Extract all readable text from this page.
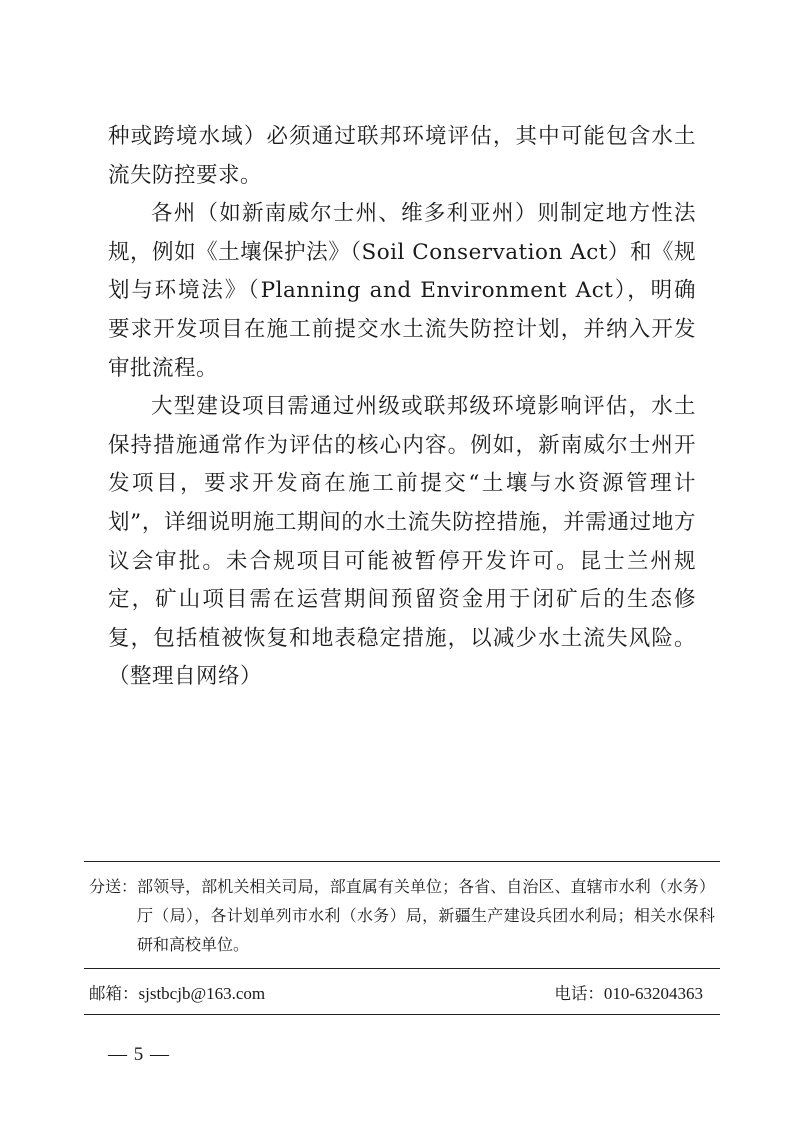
种或跨境水域）必须通过联邦环境评估，其中可能包含水土流失防控要求。

各州（如新南威尔士州、维多利亚州）则制定地方性法规，例如《土壤保护法》（Soil Conservation Act）和《规划与环境法》（Planning and Environment Act），明确要求开发项目在施工前提交水土流失防控计划，并纳入开发审批流程。

大型建设项目需通过州级或联邦级环境影响评估，水土保持措施通常作为评估的核心内容。例如，新南威尔士州开发项目，要求开发商在施工前提交“土壤与水资源管理计划”，详细说明施工期间的水土流失防控措施，并需通过地方议会审批。未合规项目可能被暂停开发许可。昆士兰州规定，矿山项目需在运营期间预留资金用于闭矿后的生态修复，包括植被恢复和地表稳定措施，以减少水土流失风险。（整理自网络）

分送： 部领导，部机关相关司局，部直属有关单位；各省、自治区、直辖市水利（水务）厅（局），各计划单列市水利（水务）局，新疆生产建设兵团水利局；相关水保科研和高校单位。
邮箱：sjstbcjb@163.com	电话：010-63204363
— 5 —
